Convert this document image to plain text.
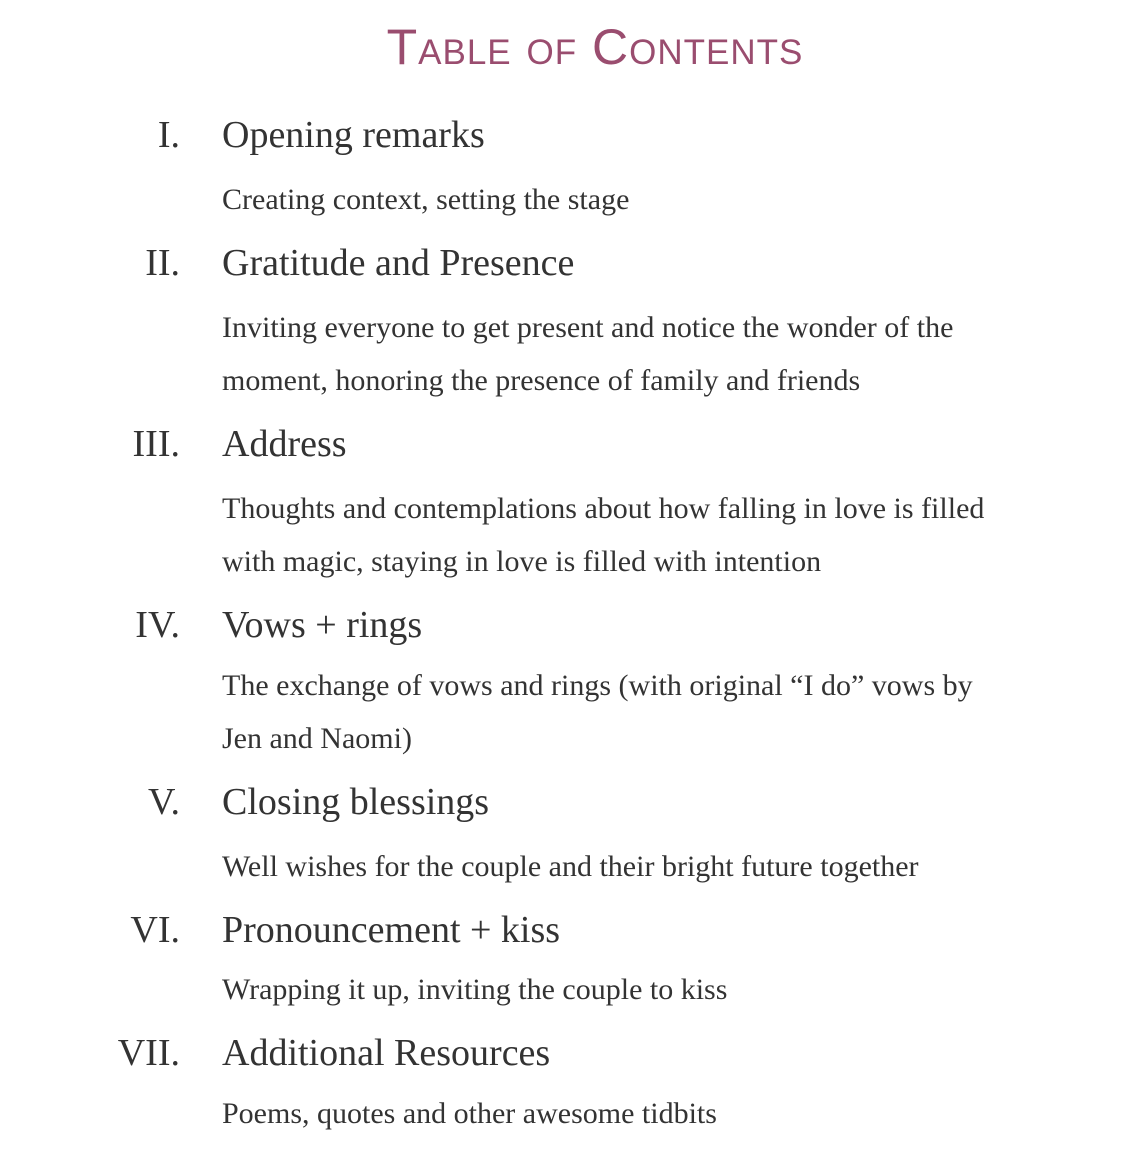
Table of Contents
I. Opening remarks
Creating context, setting the stage
II. Gratitude and Presence
Inviting everyone to get present and notice the wonder of the moment, honoring the presence of family and friends
III. Address
Thoughts and contemplations about how falling in love is filled with magic, staying in love is filled with intention
IV. Vows + rings
The exchange of vows and rings (with original “I do” vows by Jen and Naomi)
V. Closing blessings
Well wishes for the couple and their bright future together
VI. Pronouncement + kiss
Wrapping it up, inviting the couple to kiss
VII. Additional Resources
Poems, quotes and other awesome tidbits
